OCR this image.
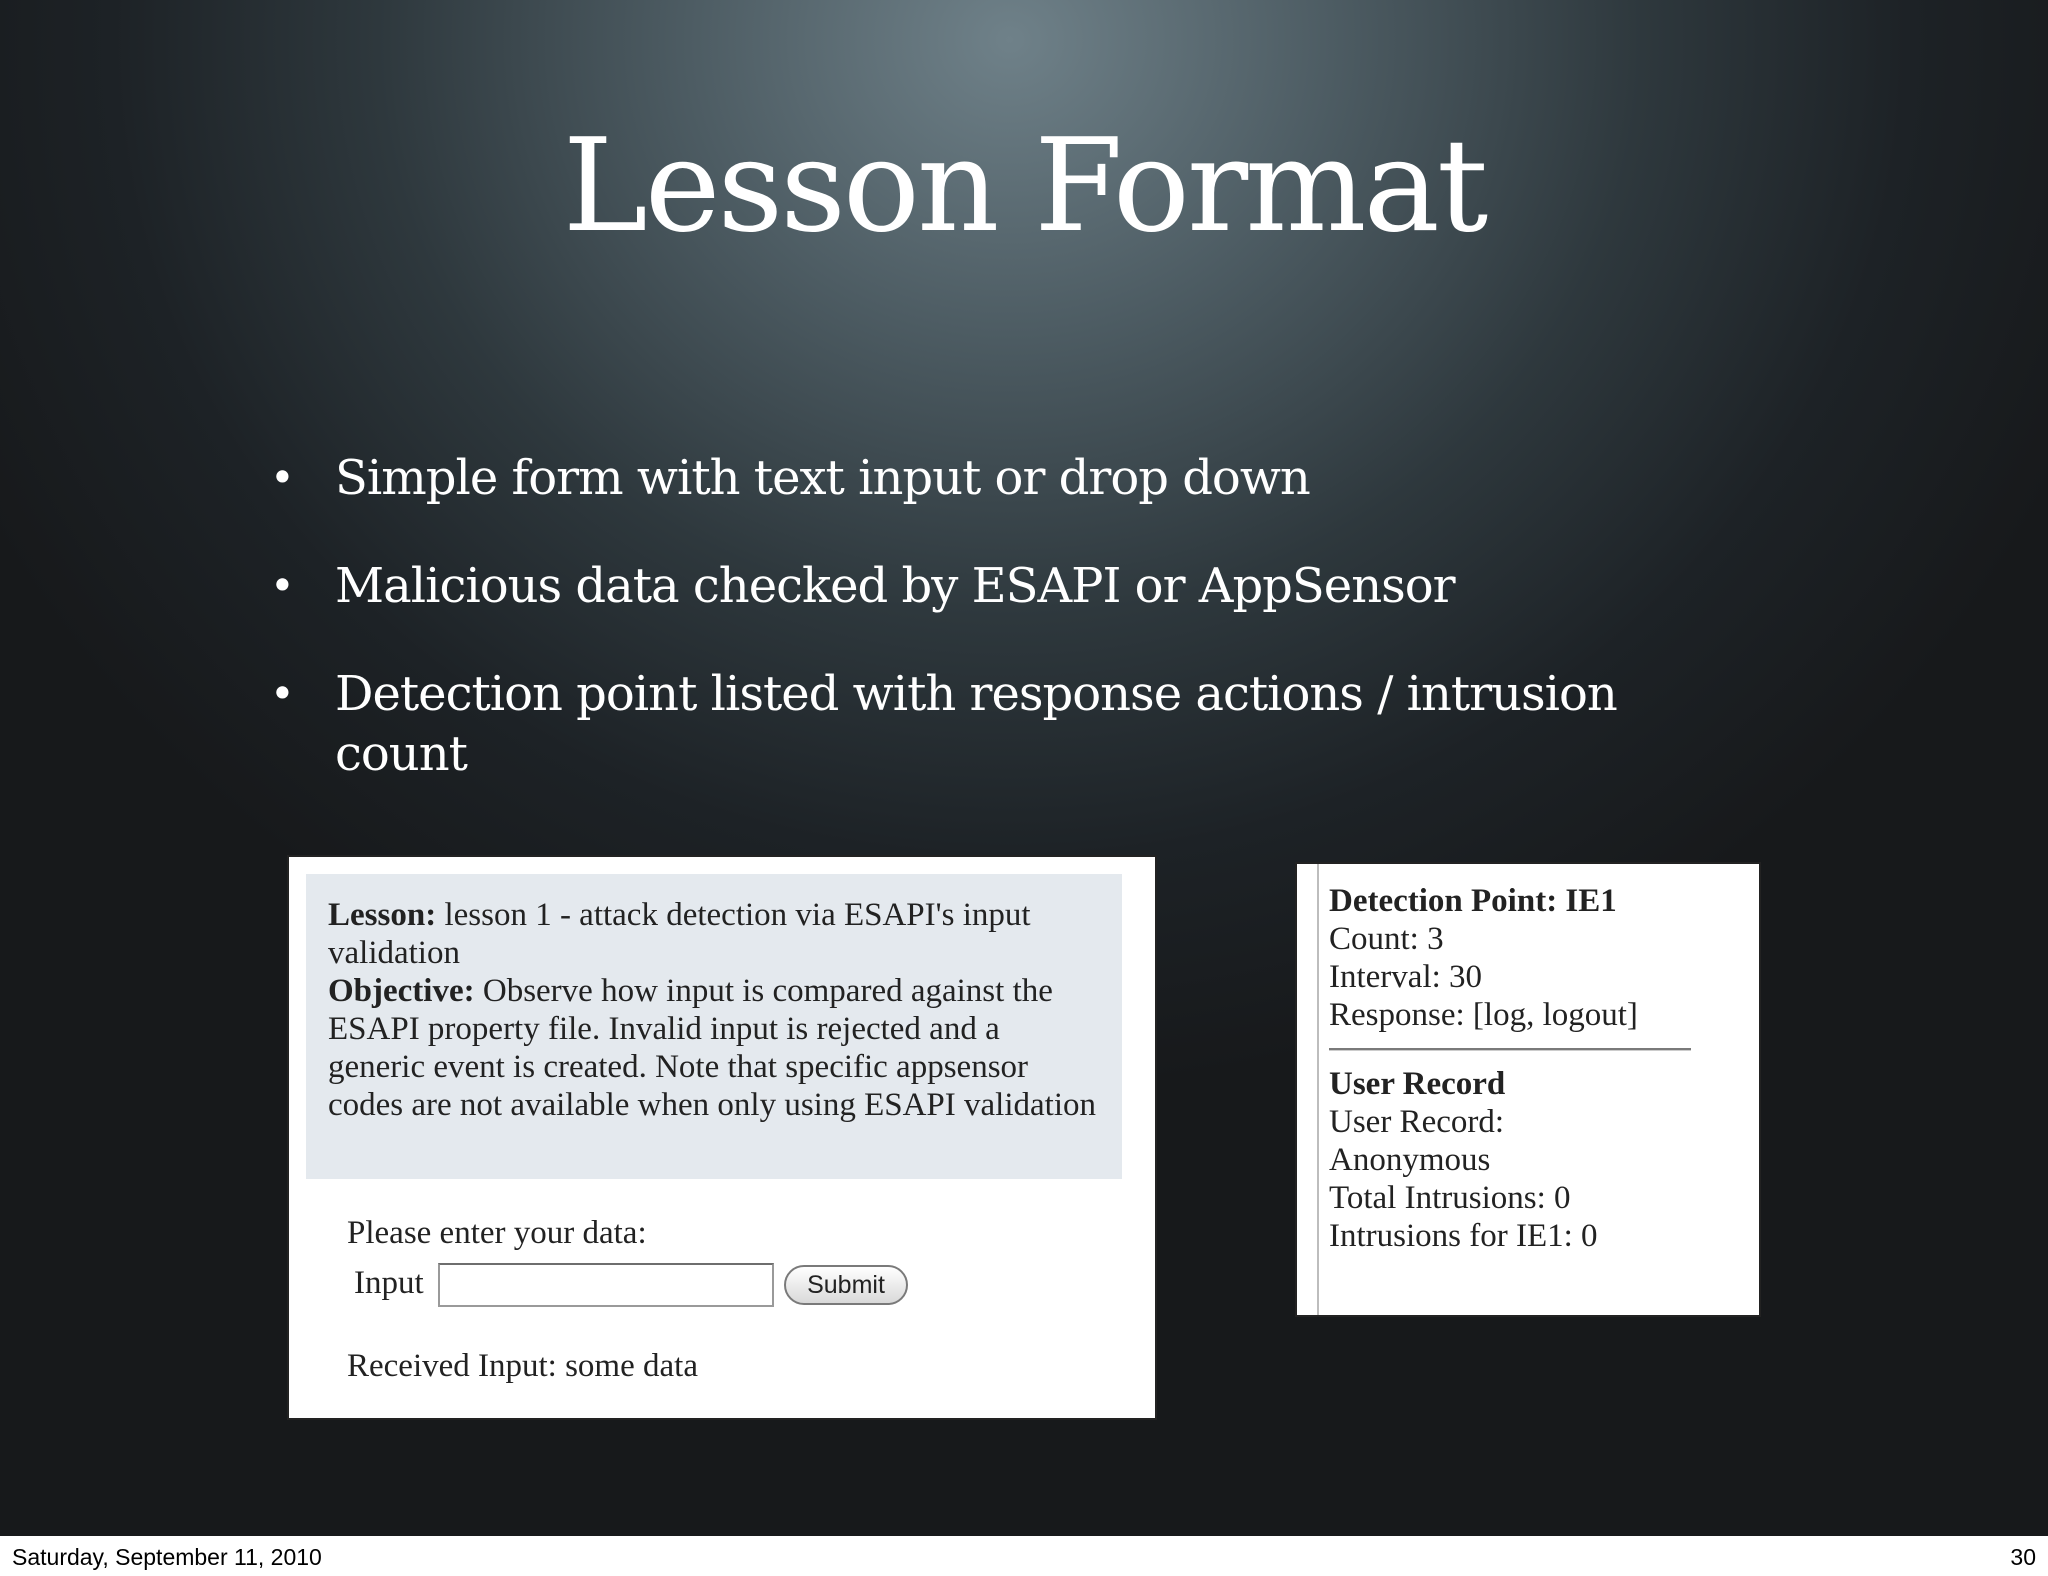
Lesson Format
• Simple form with text input or drop down
• Malicious data checked by ESAPI or AppSensor
• Detection point listed with response actions / intrusion count
Lesson: lesson 1 - attack detection via ESAPI's input validation
Objective: Observe how input is compared against the ESAPI property file. Invalid input is rejected and a generic event is created. Note that specific appsensor codes are not available when only using ESAPI validation
Please enter your data:
Input	Submit
Received Input: some data
Detection Point: IE1
Count: 3
Interval: 30
Response: [log, logout]
User Record
User Record:
Anonymous
Total Intrusions: 0
Intrusions for IE1: 0
Saturday, September 11, 2010	30
